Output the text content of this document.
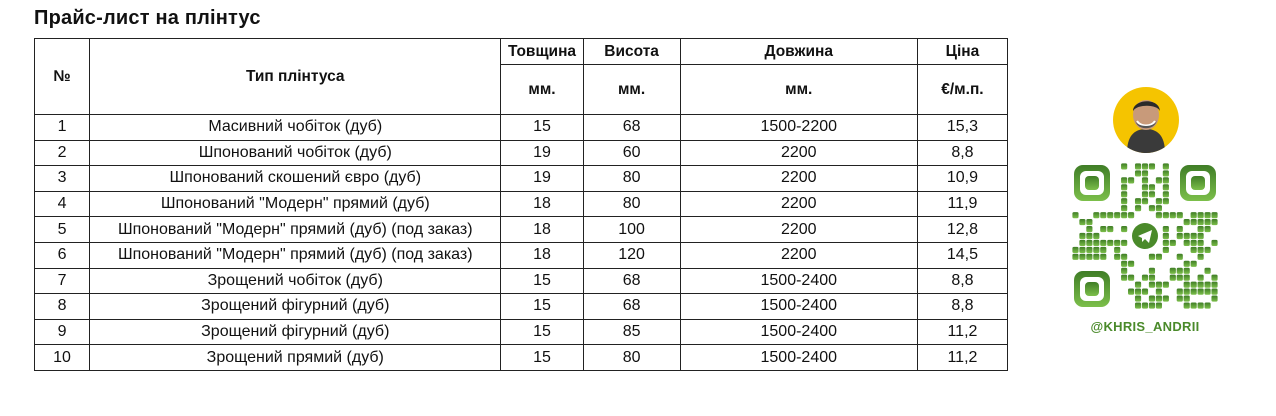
Прайс-лист на плінтус
№	Тип плінтуса	Товщина	Висота	Довжина	Ціна
		мм.	мм.	мм.	€/м.п.
1	Масивний чобіток (дуб)	15	68	1500-2200	15,3
2	Шпонований чобіток (дуб)	19	60	2200	8,8
3	Шпонований скошений євро (дуб)	19	80	2200	10,9
4	Шпонований "Модерн" прямий (дуб)	18	80	2200	11,9
5	Шпонований "Модерн" прямий (дуб) (под заказ)	18	100	2200	12,8
6	Шпонований "Модерн" прямий (дуб) (под заказ)	18	120	2200	14,5
7	Зрощений чобіток (дуб)	15	68	1500-2400	8,8
8	Зрощений фігурний (дуб)	15	68	1500-2400	8,8
9	Зрощений фігурний (дуб)	15	85	1500-2400	11,2
10	Зрощений прямий (дуб)	15	80	1500-2400	11,2
@KHRIS_ANDRII
